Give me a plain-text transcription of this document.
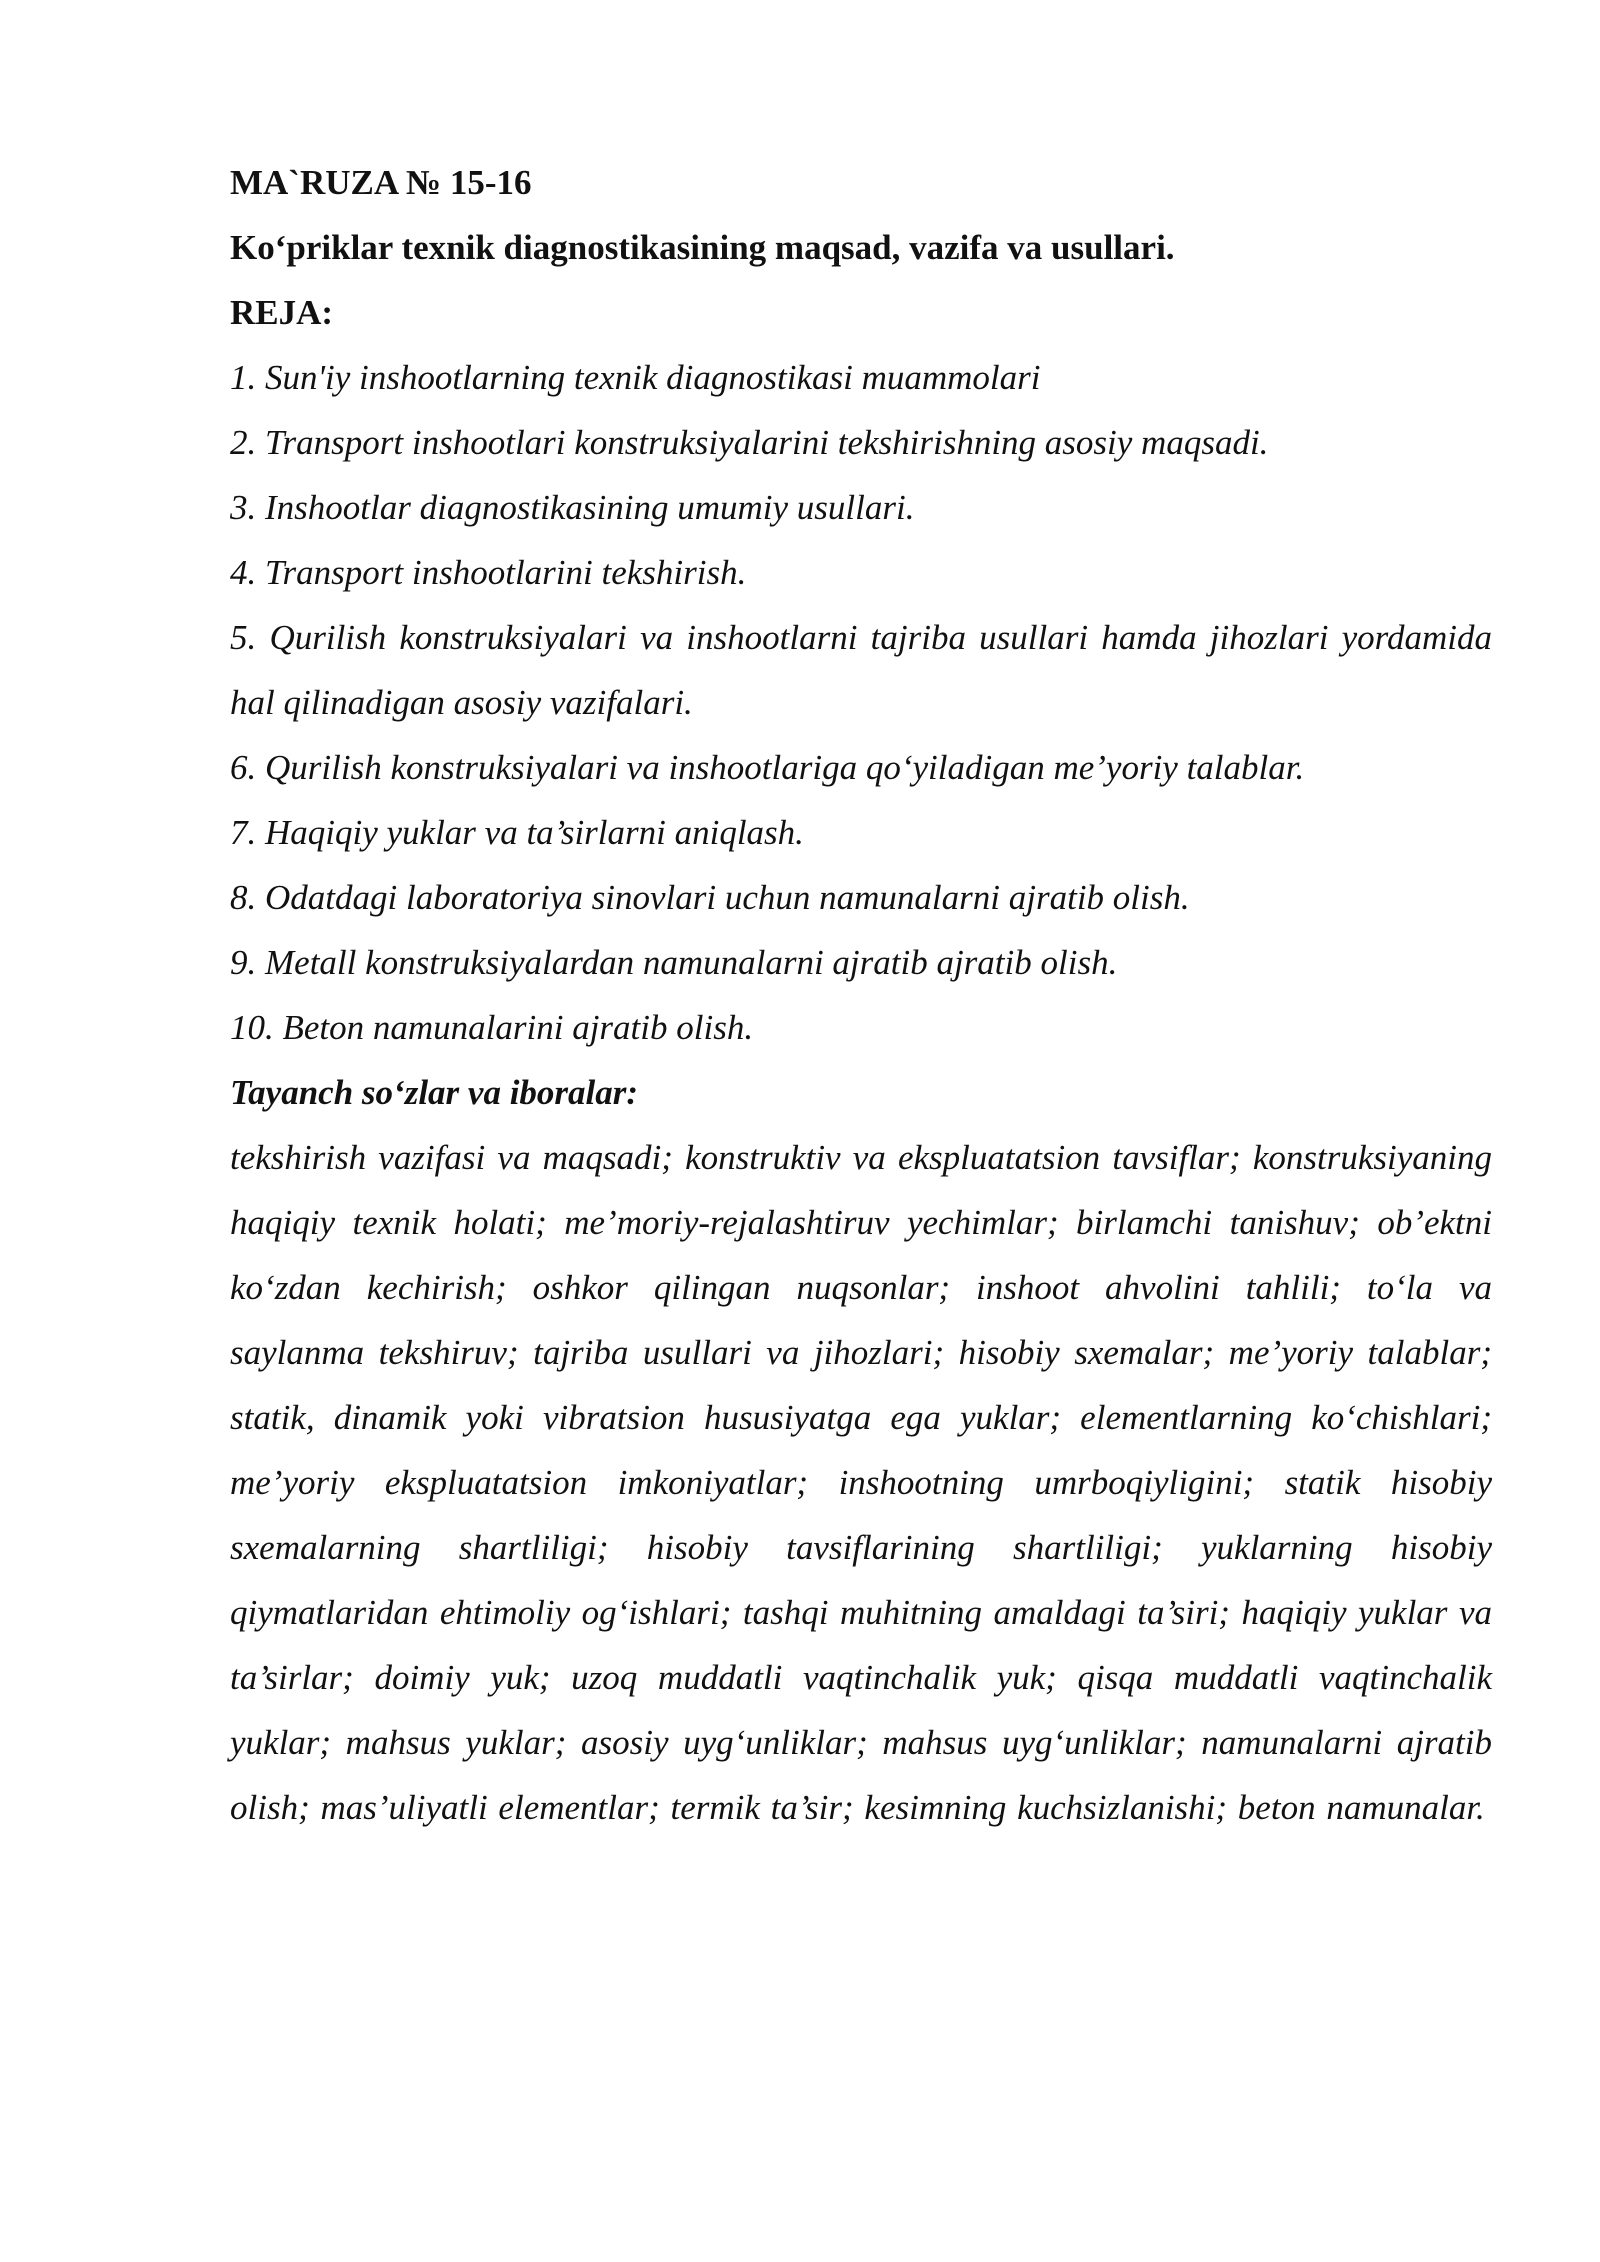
MA`RUZA № 15-16

Ko‘priklar texnik diagnostikasining maqsad, vazifa va usullari.

REJA:

1. Sun'iy inshootlarning texnik diagnostikasi muammolari
2. Transport inshootlari konstruksiyalarini tekshirishning asosiy maqsadi.
3. Inshootlar diagnostikasining umumiy usullari.
4. Transport inshootlarini tekshirish.
5. Qurilish konstruksiyalari va inshootlarni tajriba usullari hamda jihozlari yordamida hal qilinadigan asosiy vazifalari.
6. Qurilish konstruksiyalari va inshootlariga qo‘yiladigan me’yoriy talablar.
7. Haqiqiy yuklar va ta’sirlarni aniqlash.
8. Odatdagi laboratoriya sinovlari uchun namunalarni ajratib olish.
9. Metall konstruksiyalardan namunalarni ajratib ajratib olish.
10. Beton namunalarini ajratib olish.

Tayanch so‘zlar va iboralar:

tekshirish vazifasi va maqsadi; konstruktiv va ekspluatatsion tavsiflar; konstruksiyaning haqiqiy texnik holati; me’moriy-rejalashtiruv yechimlar; birlamchi tanishuv; ob’ektni ko‘zdan kechirish; oshkor qilingan nuqsonlar; inshoot ahvolini tahlili; to‘la va saylanma tekshiruv; tajriba usullari va jihozlari; hisobiy sxemalar; me’yoriy talablar; statik, dinamik yoki vibratsion hususiyatga ega yuklar; elementlarning ko‘chishlari; me’yoriy ekspluatatsion imkoniyatlar; inshootning umrboqiyligini; statik hisobiy sxemalarning shartliligi; hisobiy tavsiflarining shartliligi; yuklarning hisobiy qiymatlaridan ehtimoliy og‘ishlari; tashqi muhitning amaldagi ta’siri; haqiqiy yuklar va ta’sirlar; doimiy yuk; uzoq muddatli vaqtinchalik yuk; qisqa muddatli vaqtinchalik yuklar; mahsus yuklar; asosiy uyg‘unliklar; mahsus uyg‘unliklar; namunalarni ajratib olish; mas’uliyatli elementlar; termik ta’sir; kesimning kuchsizlanishi; beton namunalar.
